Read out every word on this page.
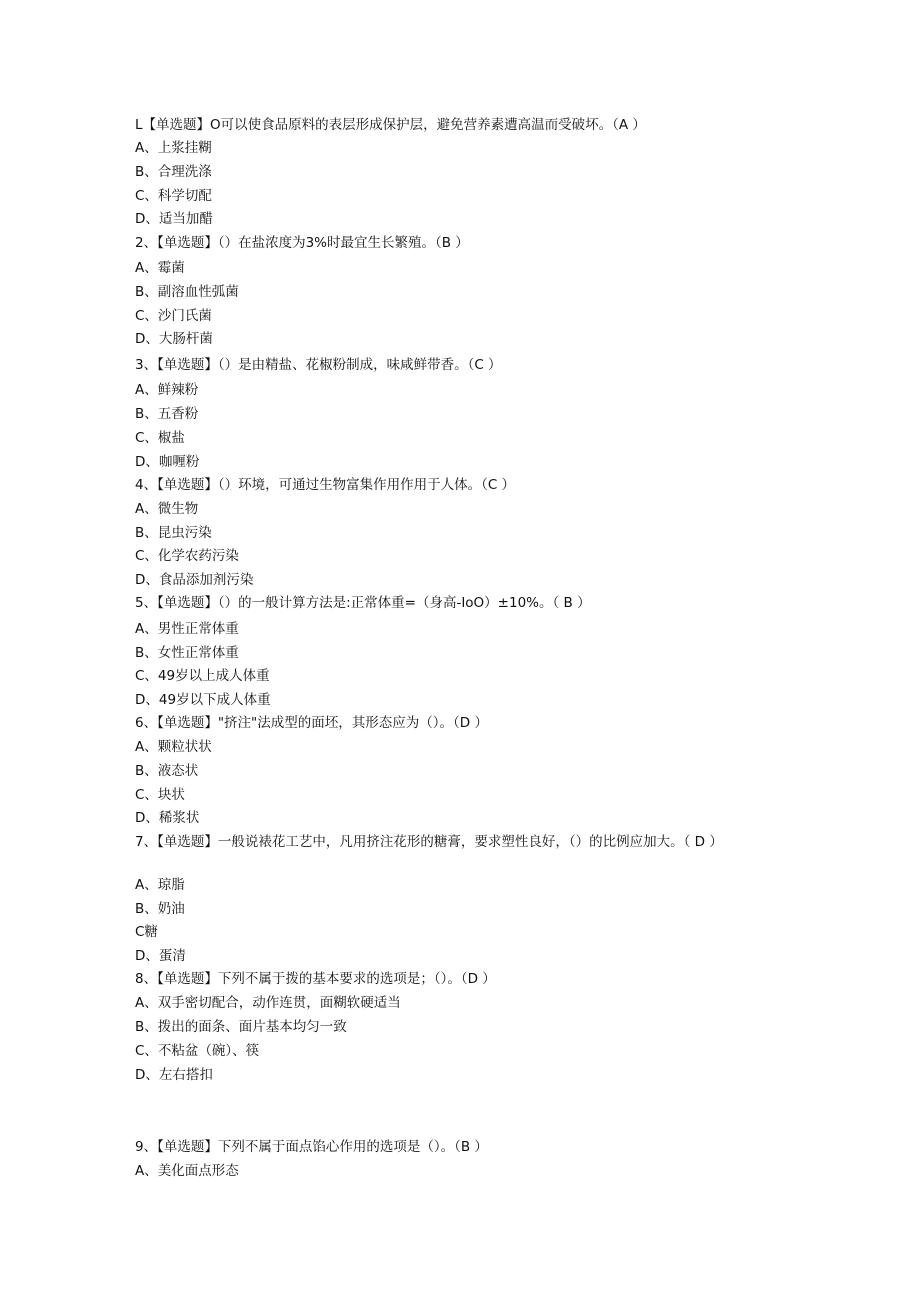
L【单选题】O可以使食品原料的表层形成保护层，避免营养素遭高温而受破坏。（A ）
A、上浆挂糊
B、合理洗涤
C、科学切配
D、适当加醋
2、【单选题】（）在盐浓度为3%时最宜生长繁殖。（B ）
A、霉菌
B、副溶血性弧菌
C、沙门氏菌
D、大肠杆菌
3、【单选题】（）是由精盐、花椒粉制成，味咸鲜带香。（C ）
A、鲜辣粉
B、五香粉
C、椒盐
D、咖喱粉
4、【单选题】（）环境，可通过生物富集作用作用于人体。（C ）
A、微生物
B、昆虫污染
C、化学农药污染
D、食品添加剂污染
5、【单选题】（）的一般计算方法是:正常体重=（身高-IoO）±10%。（ B ）
A、男性正常体重
B、女性正常体重
C、49岁以上成人体重
D、49岁以下成人体重
6、【单选题】"挤注"法成型的面坯，其形态应为（）。（D ）
A、颗粒状状
B、液态状
C、块状
D、稀浆状
7、【单选题】一般说裱花工艺中，凡用挤注花形的糖膏，要求塑性良好，（）的比例应加大。（ D ）
A、琼脂
B、奶油
C糖
D、蛋清
8、【单选题】下列不属于拨的基本要求的选项是；（）。（D ）
A、双手密切配合，动作连贯，面糊软硬适当
B、拨出的面条、面片基本均匀一致
C、不粘盆（碗）、筷
D、左右搭扣
9、【单选题】下列不属于面点馅心作用的选项是（）。（B ）
A、美化面点形态
